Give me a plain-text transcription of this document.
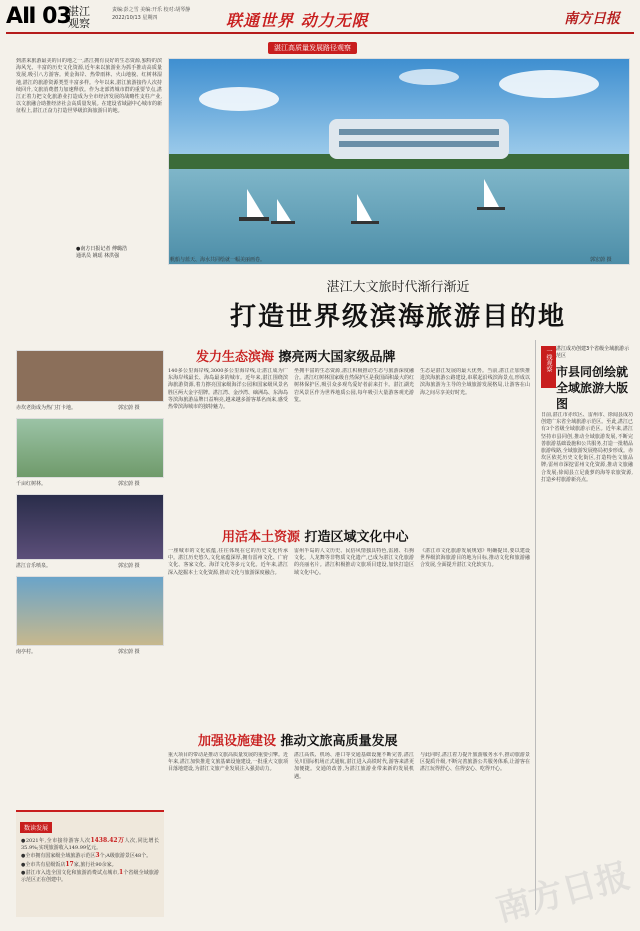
AⅡ 03
湛江
观察
责编:彭之雪 美编:开乐 校对:胡琴静
2022/10/13 星期四	联通世界 动力无限
湛江高质量发展路径观察
南方日报
到湛来旅游最美的目的地之一,湛江拥有良好的生态资源,独特的滨海风光、丰富的历史文化资源,近年来以旅游业为抓手推动高质量发展,吸引八方游客。黄金海岸、热带雨林、火山地貌、红树林湿地,湛江的旅游资源类型丰富多样。今年以来,湛江旅游接待人次持续回升,文旅消费潜力加速释放。作为北部湾城市群的重要节点,湛江正着力把文化旅游业打造成为全市经济发展的战略性支柱产业,以文旅融合助推经济社会高质量发展。在建设省域副中心城市的新征程上,湛江正奋力打造世界级滨海旅游目的地。
●南方日报记者 傅璐浩
通讯员 姚瑶 林洪强
帆船与蓝天、海水共同绘就一幅美丽画卷。	郭宏蔚 摄
湛江大文旅时代渐行渐近
打造世界级滨海旅游目的地
赤坎老街成为热门打卡地。	郭宏蔚 摄
千亩红树林。	郭宏蔚 摄
湛江音乐喷泉。	郭宏蔚 摄
南亭村。	郭宏蔚 摄
发力生态滨海 擦亮两大国家级品牌
140多公里海岸线,3000多公里海岸线,让湛江成为广东海岸线最长、海岛最多的城市。近年来,湛江围绕滨海旅游资源,着力擦亮国家级海洋公园和国家级风景名胜区两大金字招牌。湛江湾、金沙湾、硇洲岛、东海岛等滨海旅游品牌日益响亮,越来越多游客慕名而来,感受热带滨海城市的独特魅力。
坐拥丰富的生态资源,湛江积极推动生态与旅游深度融合。湛江红树林国家级自然保护区是我国面积最大的红树林保护区,吸引众多观鸟爱好者前来打卡。湛江湖光岩风景区作为世界地质公园,每年吸引大量游客观光游览。
生态是湛江发展的最大优势。当前,湛江正加快推进滨海旅游公路建设,串联起沿线滨海景点,形成以滨海旅游为主导的全域旅游发展格局,让游客在山海之间尽享美好时光。
用活本土资源 打造区域文化中心
一座城市的文化底蕴,往往体现在它的历史文化传承中。湛江历史悠久,文化底蕴深厚,拥有雷州文化、广府文化、客家文化、海洋文化等多元文化。近年来,湛江深入挖掘本土文化资源,推动文化与旅游深度融合。
雷州半岛的人文历史、民俗风情独具特色,雷剧、石狗文化、人龙舞等非物质文化遗产,已成为湛江文化旅游的亮丽名片。湛江积极推动文旅项目建设,加快打造区域文化中心。
《湛江市文化旅游发展规划》明确提出,要以建设世界级滨海旅游目的地为目标,推动文化和旅游融合发展,全面提升湛江文化软实力。
加强设施建设 推动文旅高质量发展
重大项目的带动是推动文旅高质量发展的重要引擎。近年来,湛江加快推进文旅基础设施建设,一批重大文旅项目落地建设,为湛江文旅产业发展注入强劲动力。
湛江高铁、机场、港口等交通基础设施不断完善,湛江吴川国际机场正式通航,湛江进入高铁时代,游客来湛更加便捷。交通的改善,为湛江旅游业带来新的发展机遇。
与此同时,湛江着力提升旅游服务水平,推动旅游景区提质升级,不断完善旅游公共服务体系,让游客在湛江玩得舒心、住得安心、吃得开心。
一线观察 湛江成功创建3个省级全域旅游示范区
市县同创绘就全域旅游大版图
日前,湛江市赤坎区、雷州市、徐闻县成功创建广东省全域旅游示范区。至此,湛江已有3个省级全域旅游示范区。近年来,湛江坚持市县同创,推动全域旅游发展,不断完善旅游基础设施和公共服务,打造一批精品旅游线路,全域旅游发展格局初步形成。赤坎区依托历史文化街区,打造特色文旅品牌;雷州市深挖雷州文化资源,推动文旅融合发展;徐闻县立足菠萝的海等农旅资源,打造乡村旅游新亮点。
数读发展
●2021年,全市接待游客人次1438.42万人次,同比增长35.9%;实现旅游收入149.99亿元。
●全市拥有国家级全域旅游示范区3个;A级旅游景区48个。
●全市共有星级饭店17家,旅行社90余家。
●湛江市入选全国文化和旅游消费试点城市,1个省级全域旅游示范区正在创建中。	南方日报
